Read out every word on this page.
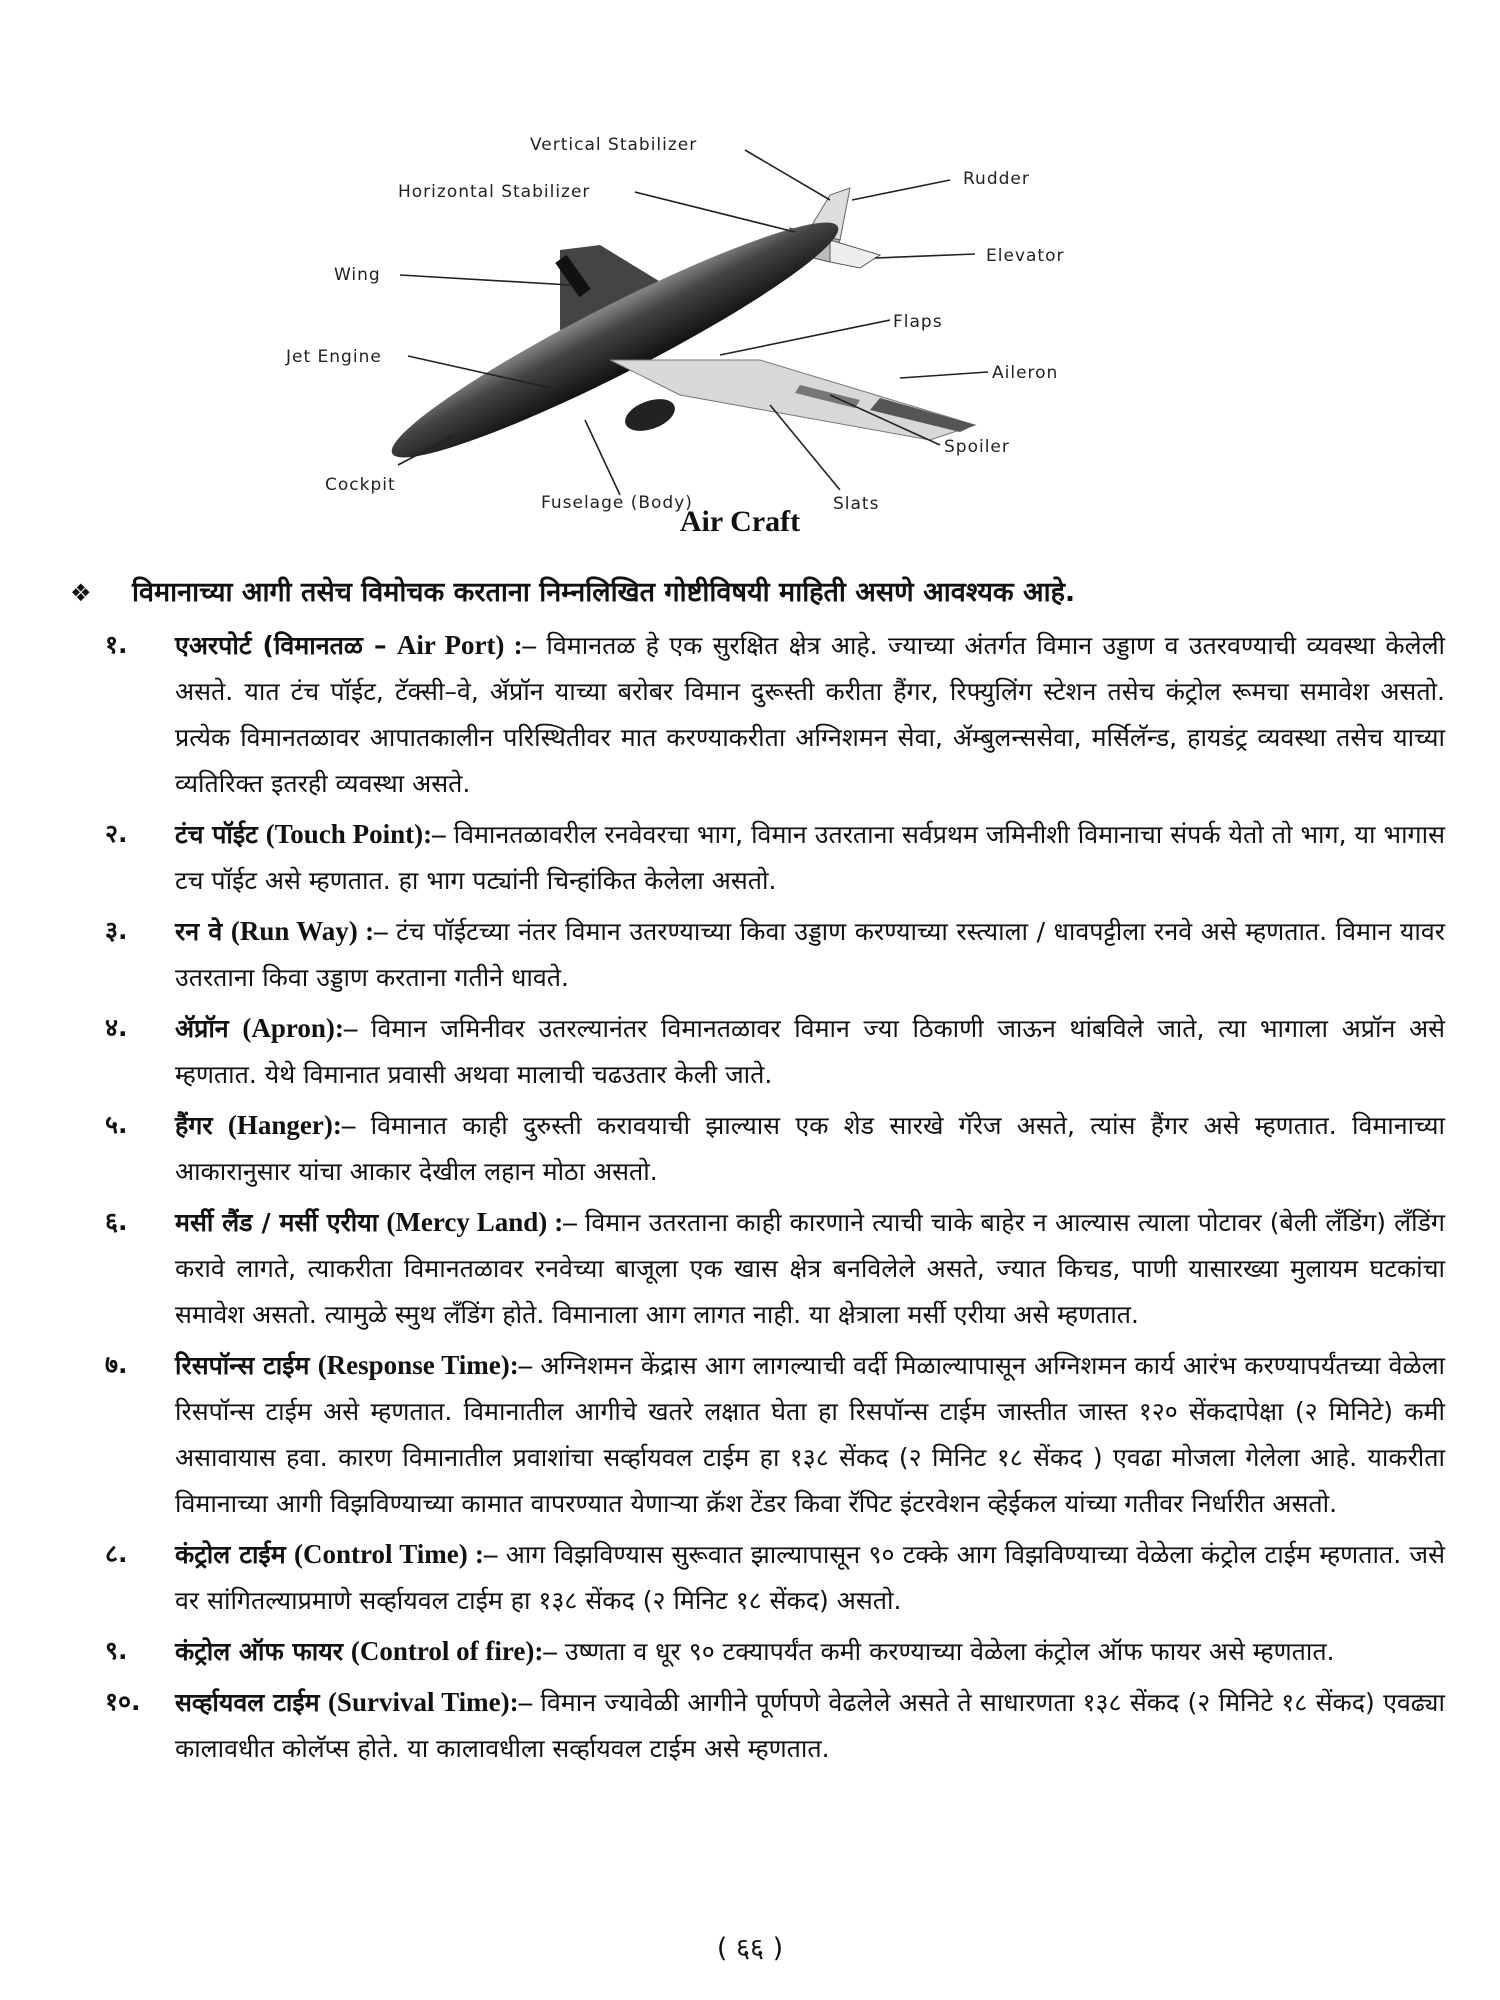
Vertical Stabilizer
Horizontal Stabilizer
Rudder
Elevator
Wing
Flaps
Jet Engine
Aileron
Spoiler
Cockpit
Fuselage (Body)	Slats
Air Craft
❖ विमानाच्या आगी तसेच विमोचक करताना निम्नलिखित गोष्टीविषयी माहिती असणे आवश्यक आहे.
१.	एअरपोर्ट (विमानतळ – Air Port) :– विमानतळ हे एक सुरक्षित क्षेत्र आहे. ज्याच्या अंतर्गत विमान उड्डाण व उतरवण्याची व्यवस्था केलेली असते. यात टंच पॉईट, टॅक्सी–वे, ॲप्रॉन याच्या बरोबर विमान दुरूस्ती करीता हैंगर, रिफ्युलिंग स्टेशन तसेच कंट्रोल रूमचा समावेश असतो. प्रत्येक विमानतळावर आपातकालीन परिस्थितीवर मात करण्याकरीता अग्निशमन सेवा, ॲम्बुलन्ससेवा, मर्सिलॅन्ड, हायडंट्र व्यवस्था तसेच याच्या व्यतिरिक्त इतरही व्यवस्था असते.
२.	टंच पॉईट (Touch Point):– विमानतळावरील रनवेवरचा भाग, विमान उतरताना सर्वप्रथम जमिनीशी विमानाचा संपर्क येतो तो भाग, या भागास टच पॉईट असे म्हणतात. हा भाग पट्यांनी चिन्हांकित केलेला असतो.
३.	रन वे (Run Way) :– टंच पॉईटच्या नंतर विमान उतरण्याच्या किवा उड्डाण करण्याच्या रस्त्याला / धावपट्टीला रनवे असे म्हणतात. विमान यावर उतरताना किवा उड्डाण करताना गतीने धावते.
४.	ॲप्रॉन (Apron):– विमान जमिनीवर उतरल्यानंतर विमानतळावर विमान ज्या ठिकाणी जाऊन थांबविले जाते, त्या भागाला अप्रॉन असे म्हणतात. येथे विमानात प्रवासी अथवा मालाची चढउतार केली जाते.
५.	हैंगर (Hanger):– विमानात काही दुरुस्ती करावयाची झाल्यास एक शेड सारखे गॅरेज असते, त्यांस हैंगर असे म्हणतात. विमानाच्या आकारानुसार यांचा आकार देखील लहान मोठा असतो.
६.	मर्सी लैंड / मर्सी एरीया (Mercy Land) :– विमान उतरताना काही कारणाने त्याची चाके बाहेर न आल्यास त्याला पोटावर (बेली लॅंडिंग) लॅंडिंग करावे लागते, त्याकरीता विमानतळावर रनवेच्या बाजूला एक खास क्षेत्र बनविलेले असते, ज्यात किचड, पाणी यासारख्या मुलायम घटकांचा समावेश असतो. त्यामुळे स्मुथ लॅंडिंग होते. विमानाला आग लागत नाही. या क्षेत्राला मर्सी एरीया असे म्हणतात.
७.	रिसपॉन्स टाईम (Response Time):– अग्निशमन केंद्रास आग लागल्याची वर्दी मिळाल्यापासून अग्निशमन कार्य आरंभ करण्यापर्यंतच्या वेळेला रिसपॉन्स टाईम असे म्हणतात. विमानातील आगीचे खतरे लक्षात घेता हा रिसपॉन्स टाईम जास्तीत जास्त १२० सेंकदापेक्षा (२ मिनिटे) कमी असावायास हवा. कारण विमानातील प्रवाशांचा सर्व्हायवल टाईम हा १३८ सेंकद (२ मिनिट १८ सेंकद ) एवढा मोजला गेलेला आहे. याकरीता विमानाच्या आगी विझविण्याच्या कामात वापरण्यात येणाऱ्या क्रॅश टेंडर किवा रॅपिट इंटरवेशन व्हेईकल यांच्या गतीवर निर्धारीत असतो.
८.	कंट्रोल टाईम (Control Time) :– आग विझविण्यास सुरूवात झाल्यापासून ९० टक्के आग विझविण्याच्या वेळेला कंट्रोल टाईम म्हणतात. जसे वर सांगितल्याप्रमाणे सर्व्हायवल टाईम हा १३८ सेंकद (२ मिनिट १८ सेंकद) असतो.
९.	कंट्रोल ऑफ फायर (Control of fire):– उष्णता व धूर ९० टक्यापर्यंत कमी करण्याच्या वेळेला कंट्रोल ऑफ फायर असे म्हणतात.
१०.	सर्व्हायवल टाईम (Survival Time):– विमान ज्यावेळी आगीने पूर्णपणे वेढलेले असते ते साधारणता १३८ सेंकद (२ मिनिटे १८ सेंकद) एवढ्या कालावधीत कोलॅप्स होते. या कालावधीला सर्व्हायवल टाईम असे म्हणतात.
( ६६ )
